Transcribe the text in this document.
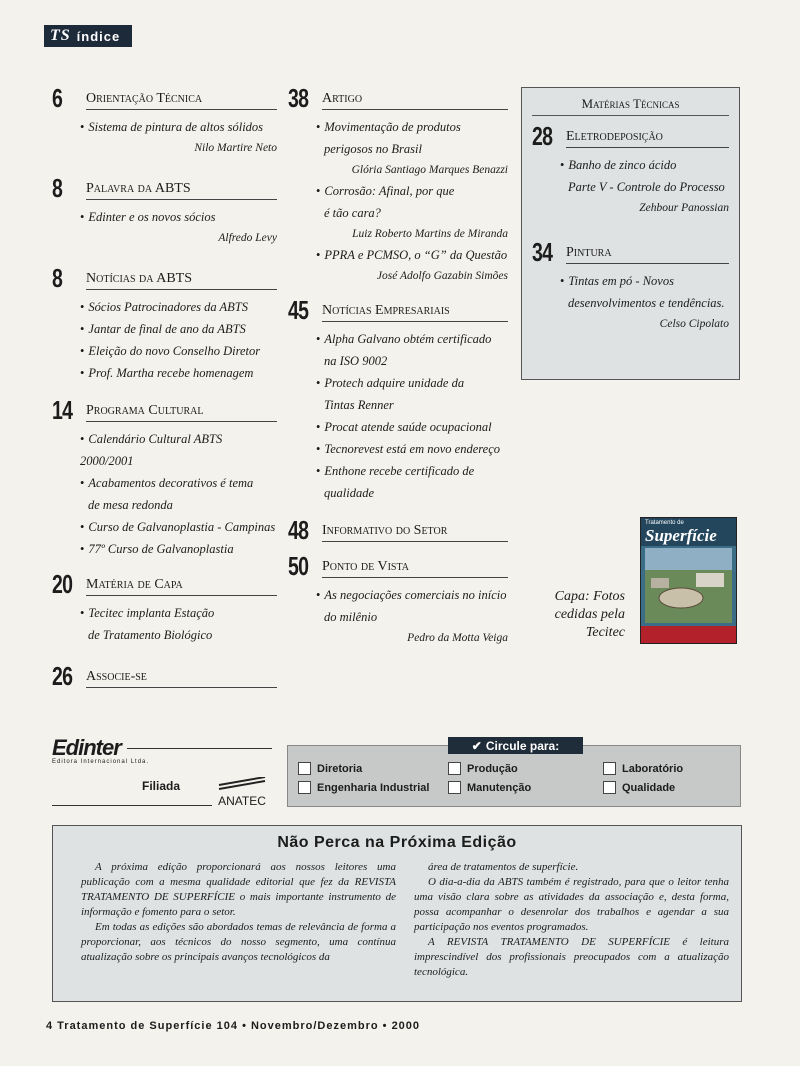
TS índice
6	Orientação Técnica
• Sistema de pintura de altos sólidos
Nilo Martire Neto
8	Palavra da ABTS
• Edinter e os novos sócios
Alfredo Levy
8	Notícias da ABTS
• Sócios Patrocinadores da ABTS
• Jantar de final de ano da ABTS
• Eleição do novo Conselho Diretor
• Prof. Martha recebe homenagem
14 Programa Cultural
• Calendário Cultural ABTS 2000/2001
• Acabamentos decorativos é tema
de mesa redonda
• Curso de Galvanoplastia - Campinas
• 77º Curso de Galvanoplastia
20 Matéria de Capa
• Tecitec implanta Estação
de Tratamento Biológico
26 Associe-se
38 Artigo
• Movimentação de produtos
perigosos no Brasil
Glória Santiago Marques Benazzi
• Corrosão: Afinal, por que
é tão cara?
Luiz Roberto Martins de Miranda
• PPRA e PCMSO, o “G” da Questão
José Adolfo Gazabin Simões
45 Notícias Empresariais
• Alpha Galvano obtém certificado
na ISO 9002
• Protech adquire unidade da
Tintas Renner
• Procat atende saúde ocupacional
• Tecnorevest está em novo endereço
• Enthone recebe certificado de
qualidade
48 Informativo do Setor
50 Ponto de Vista
• As negociações comerciais no início
do milênio
Pedro da Motta Veiga
Matérias Técnicas
28 Eletrodeposição
• Banho de zinco ácido
Parte V - Controle do Processo
Zehbour Panossian
34 Pintura
• Tintas em pó - Novos
desenvolvimentos e tendências.
Celso Cipolato
Tratamento de
Superfície
Capa: Fotos cedidas pela Tecitec
Edinter
Editora Internacional Ltda.
Filiada
ANATEC
✔ Circule para:
Diretoria	Produção	Laboratório
Engenharia Industrial	Manutenção	Qualidade
Não Perca na Próxima Edição

A próxima edição proporcionará aos nossos leitores uma publicação com a mesma qualidade editorial que fez da REVISTA TRATAMENTO DE SUPERFÍCIE o mais importante instrumento de informação e fomento para o setor.

Em todas as edições são abordados temas de relevância de forma a proporcionar, aos técnicos do nosso segmento, uma contínua atualização sobre os principais avanços tecnológicos da

área de tratamentos de superfície.

O dia-a-dia da ABTS também é registrado, para que o leitor tenha uma visão clara sobre as atividades da associação e, desta forma, possa acompanhar o desenrolar dos trabalhos e agendar a sua participação nos eventos programados.

A REVISTA TRATAMENTO DE SUPERFÍCIE é leitura imprescindível dos profissionais preocupados com a atualização tecnológica.

4 Tratamento de Superfície 104 • Novembro/Dezembro • 2000
